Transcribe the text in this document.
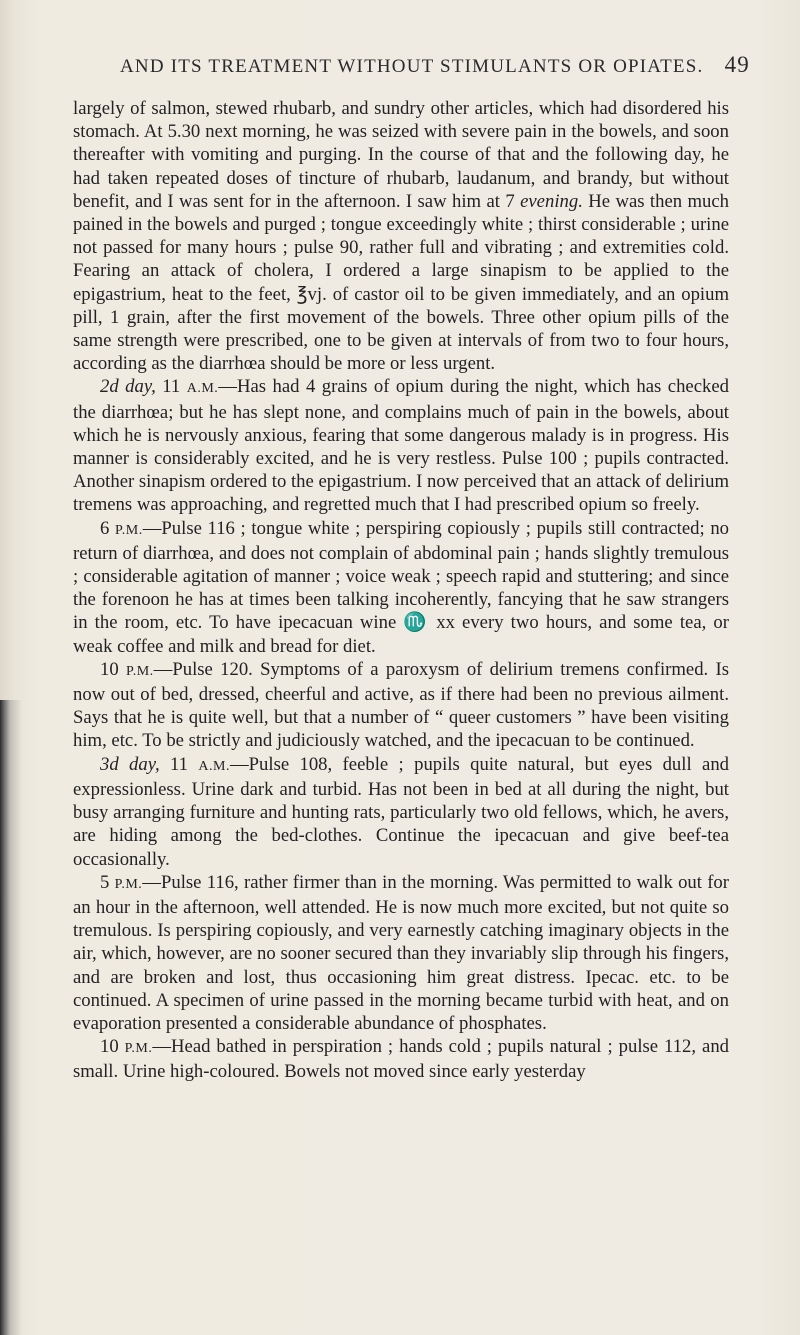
AND ITS TREATMENT WITHOUT STIMULANTS OR OPIATES. 49

largely of salmon, stewed rhubarb, and sundry other articles, which had disordered his stomach. At 5.30 next morning, he was seized with severe pain in the bowels, and soon thereafter with vomiting and purging. In the course of that and the following day, he had taken repeated doses of tincture of rhubarb, laudanum, and brandy, but without benefit, and I was sent for in the afternoon. I saw him at 7 evening. He was then much pained in the bowels and purged ; tongue exceedingly white ; thirst considerable ; urine not passed for many hours ; pulse 90, rather full and vibrating ; and extremities cold. Fearing an attack of cholera, I ordered a large sinapism to be applied to the epigastrium, heat to the feet, ℥vj. of castor oil to be given immediately, and an opium pill, 1 grain, after the first movement of the bowels. Three other opium pills of the same strength were prescribed, one to be given at intervals of from two to four hours, according as the diarrhœa should be more or less urgent.

2d day, 11 A.M.—Has had 4 grains of opium during the night, which has checked the diarrhœa; but he has slept none, and complains much of pain in the bowels, about which he is nervously anxious, fearing that some dangerous malady is in progress. His manner is considerably excited, and he is very restless. Pulse 100 ; pupils contracted. Another sinapism ordered to the epigastrium. I now perceived that an attack of delirium tremens was approaching, and regretted much that I had prescribed opium so freely.

6 P.M.—Pulse 116 ; tongue white ; perspiring copiously ; pupils still contracted; no return of diarrhœa, and does not complain of abdominal pain ; hands slightly tremulous ; considerable agitation of manner ; voice weak ; speech rapid and stuttering; and since the forenoon he has at times been talking incoherently, fancying that he saw strangers in the room, etc. To have ipecacuan wine ♏ xx every two hours, and some tea, or weak coffee and milk and bread for diet.

10 P.M.—Pulse 120. Symptoms of a paroxysm of delirium tremens confirmed. Is now out of bed, dressed, cheerful and active, as if there had been no previous ailment. Says that he is quite well, but that a number of “ queer customers ” have been visiting him, etc. To be strictly and judiciously watched, and the ipecacuan to be continued.

3d day, 11 A.M.—Pulse 108, feeble ; pupils quite natural, but eyes dull and expressionless. Urine dark and turbid. Has not been in bed at all during the night, but busy arranging furniture and hunting rats, particularly two old fellows, which, he avers, are hiding among the bed-clothes. Continue the ipecacuan and give beef-tea occasionally.

5 P.M.—Pulse 116, rather firmer than in the morning. Was permitted to walk out for an hour in the afternoon, well attended. He is now much more excited, but not quite so tremulous. Is perspiring copiously, and very earnestly catching imaginary objects in the air, which, however, are no sooner secured than they invariably slip through his fingers, and are broken and lost, thus occasioning him great distress. Ipecac. etc. to be continued. A specimen of urine passed in the morning became turbid with heat, and on evaporation presented a considerable abundance of phosphates.

10 P.M.—Head bathed in perspiration ; hands cold ; pupils natural ; pulse 112, and small. Urine high-coloured. Bowels not moved since early yesterday
